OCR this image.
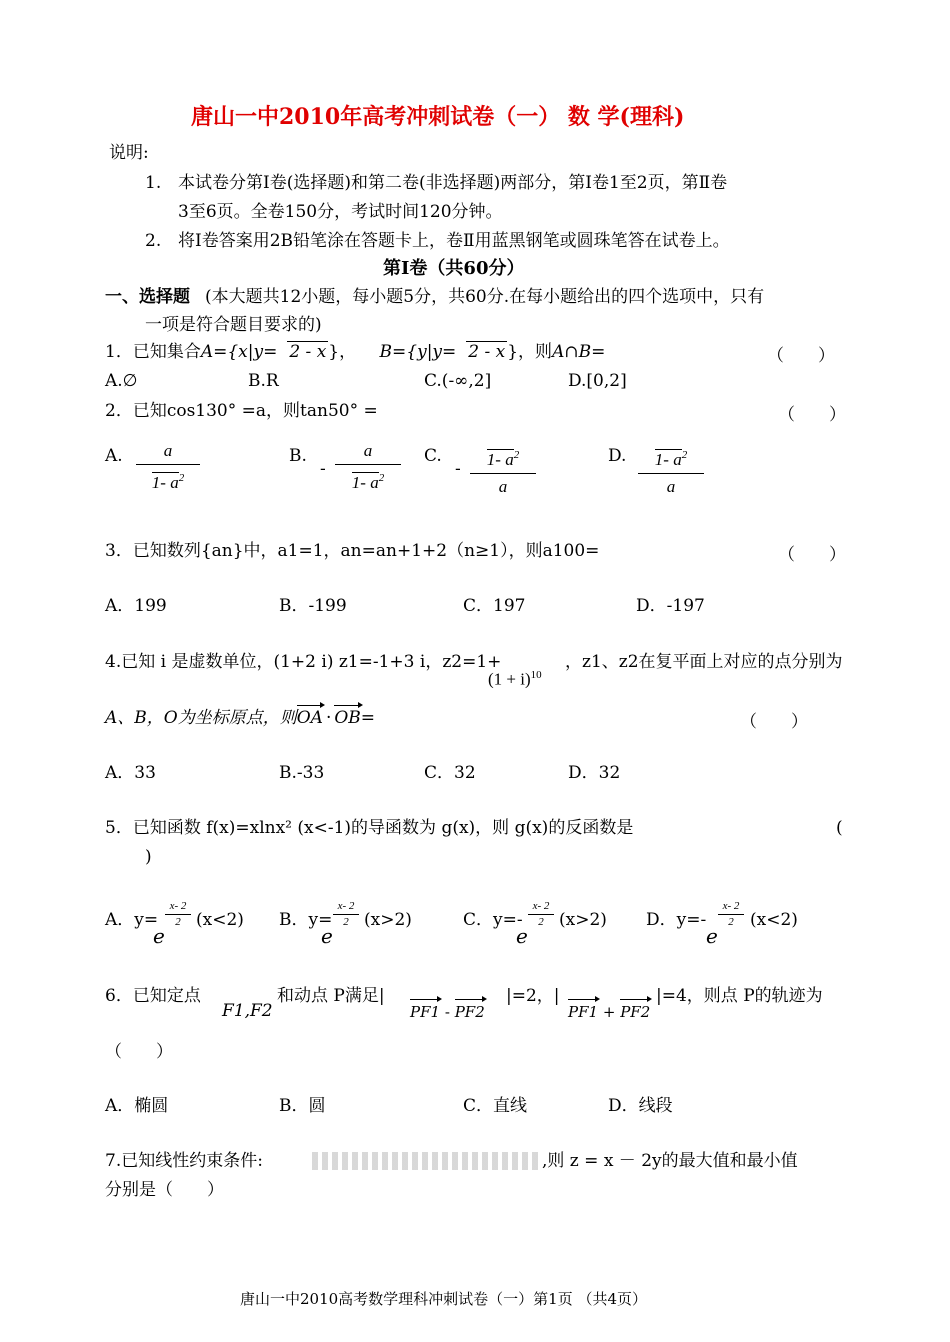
唐山一中2010年高考冲刺试卷（一） 数 学(理科)
说明:
1. 本试卷分第Ⅰ卷(选择题)和第二卷(非选择题)两部分，第Ⅰ卷1至2页，第Ⅱ卷
3至6页。全卷150分，考试时间120分钟。
2. 将Ⅰ卷答案用2B铅笔涂在答题卡上，卷Ⅱ用蓝黑钢笔或圆珠笔答在试卷上。
第Ⅰ卷（共60分）
一、选择题 (本大题共12小题，每小题5分，共60分.在每小题给出的四个选项中，只有
一项是符合题目要求的)
1．已知集合A={x|y= 2 - x }， B={y|y= 2 - x }，则A∩B=	（　　）
A.∅	B.R	C.(-∞,2]	D.[0,2]
2．已知cos130° =a，则tan50° =	（　　）
A.	a
1- $a^2$
B.
-
a
1- $a^2$
C.
-	1- $a^2$
a
D.	1- $a^2$
a
3．已知数列{an}中，a1=1，an=an+1+2（n≥1），则a100=	（　　）
A．199	B．-199	C．197	D．-197
4.已知 i 是虚数单位，(1+2 i) z1=-1+3 i，z2=1+
$(1 + i)^{10}$
，z1、z2在复平面上对应的点分别为
A、B，O为坐标原点，则OA · OB=	（　　）
A．33	B.-33	C．32	D．32
5．已知函数 f(x)=xlnx² (x<-1)的导函数为 g(x)，则 g(x)的反函数是	(
)
A．y=
e
x- 2
2 (x<2) B．y=
e
x- 2
2 (x>2)	C．y=-
e
x- 2
2 (x>2) D．y=-
e
x- 2
2 (x<2)
6．已知定点
F1,F2
和动点 P满足|
PF1 - PF2
|=2，|
PF1 + PF2
|=4，则点 P的轨迹为
（　　）
A．椭圆	B．圆	C．直线	D．线段
7.已知线性约束条件:	,则 z = x － 2y的最大值和最小值
分别是（　　）
唐山一中2010高考数学理科冲刺试卷（一）第1页 （共4页）
